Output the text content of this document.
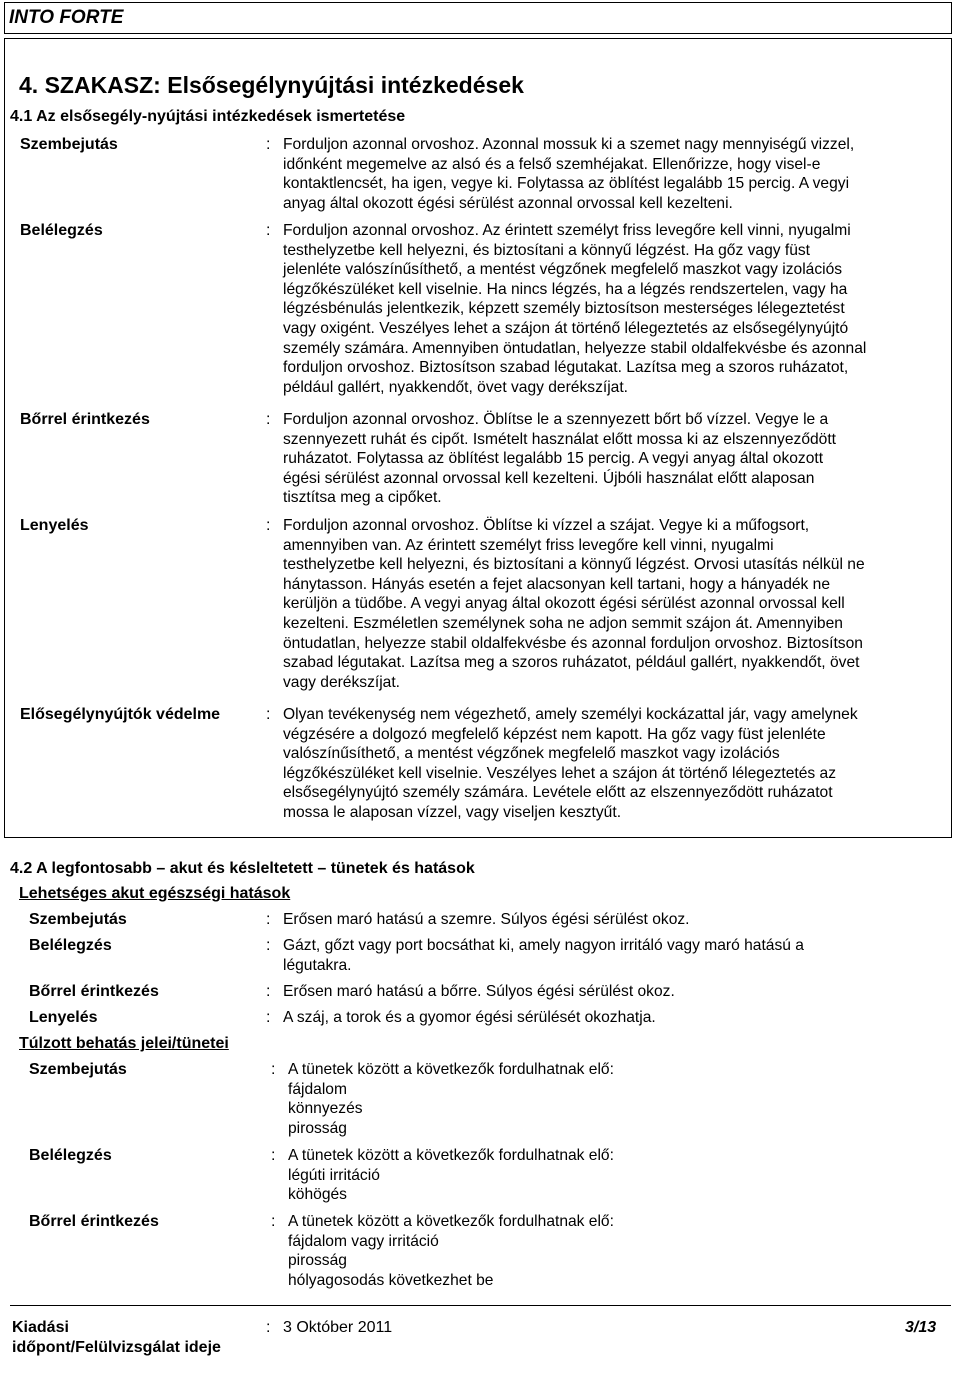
INTO FORTE
4. SZAKASZ: Elsősegélynyújtási intézkedések
4.1 Az elsősegély-nyújtási intézkedések ismertetése
Szembejutás	: Forduljon azonnal orvoshoz. Azonnal mossuk ki a szemet nagy mennyiségű vizzel,
időnként megemelve az alsó és a felső szemhéjakat. Ellenőrizze, hogy visel-e
kontaktlencsét, ha igen, vegye ki. Folytassa az öblítést legalább 15 percig. A vegyi
anyag által okozott égési sérülést azonnal orvossal kell kezelteni.
Belélegzés	: Forduljon azonnal orvoshoz. Az érintett személyt friss levegőre kell vinni, nyugalmi
testhelyzetbe kell helyezni, és biztosítani a könnyű légzést. Ha gőz vagy füst
jelenléte valószínűsíthető, a mentést végzőnek megfelelő maszkot vagy izolációs
légzőkészüléket kell viselnie. Ha nincs légzés, ha a légzés rendszertelen, vagy ha
légzésbénulás jelentkezik, képzett személy biztosítson mesterséges lélegeztetést
vagy oxigént. Veszélyes lehet a szájon át történő lélegeztetés az elsősegélynyújtó
személy számára. Amennyiben öntudatlan, helyezze stabil oldalfekvésbe és azonnal
forduljon orvoshoz. Biztosítson szabad légutakat. Lazítsa meg a szoros ruházatot,
például gallért, nyakkendőt, övet vagy derékszíjat.
Bőrrel érintkezés	: Forduljon azonnal orvoshoz. Öblítse le a szennyezett bőrt bő vízzel. Vegye le a
szennyezett ruhát és cipőt. Ismételt használat előtt mossa ki az elszennyeződött
ruházatot. Folytassa az öblítést legalább 15 percig. A vegyi anyag által okozott
égési sérülést azonnal orvossal kell kezelteni. Újbóli használat előtt alaposan
tisztítsa meg a cipőket.
Lenyelés	: Forduljon azonnal orvoshoz. Öblítse ki vízzel a szájat. Vegye ki a műfogsort,
amennyiben van. Az érintett személyt friss levegőre kell vinni, nyugalmi
testhelyzetbe kell helyezni, és biztosítani a könnyű légzést. Orvosi utasítás nélkül ne
hánytasson. Hányás esetén a fejet alacsonyan kell tartani, hogy a hányadék ne
kerüljön a tüdőbe. A vegyi anyag által okozott égési sérülést azonnal orvossal kell
kezelteni. Eszméletlen személynek soha ne adjon semmit szájon át. Amennyiben
öntudatlan, helyezze stabil oldalfekvésbe és azonnal forduljon orvoshoz. Biztosítson
szabad légutakat. Lazítsa meg a szoros ruházatot, például gallért, nyakkendőt, övet
vagy derékszíjat.
Elősegélynyújtók védelme	: Olyan tevékenység nem végezhető, amely személyi kockázattal jár, vagy amelynek
végzésére a dolgozó megfelelő képzést nem kapott. Ha gőz vagy füst jelenléte
valószínűsíthető, a mentést végzőnek megfelelő maszkot vagy izolációs
légzőkészüléket kell viselnie. Veszélyes lehet a szájon át történő lélegeztetés az
elsősegélynyújtó személy számára. Levétele előtt az elszennyeződött ruházatot
mossa le alaposan vízzel, vagy viseljen kesztyűt.
4.2 A legfontosabb – akut és késleltetett – tünetek és hatások
Lehetséges akut egészségi hatások
Szembejutás	: Erősen maró hatású a szemre. Súlyos égési sérülést okoz.
Belélegzés	: Gázt, gőzt vagy port bocsáthat ki, amely nagyon irritáló vagy maró hatású a
légutakra.
Bőrrel érintkezés	: Erősen maró hatású a bőrre. Súlyos égési sérülést okoz.
Lenyelés	: A száj, a torok és a gyomor égési sérülését okozhatja.
Túlzott behatás jelei/tünetei
Szembejutás	: A tünetek között a következők fordulhatnak elő:
fájdalom
könnyezés
pirosság
Belélegzés	: A tünetek között a következők fordulhatnak elő:
légúti irritáció
köhögés
Bőrrel érintkezés	: A tünetek között a következők fordulhatnak elő:
fájdalom vagy irritáció
pirosság
hólyagosodás következhet be
Kiadási
időpont/Felülvizsgálat ideje
: 3 Október 2011	3/13
